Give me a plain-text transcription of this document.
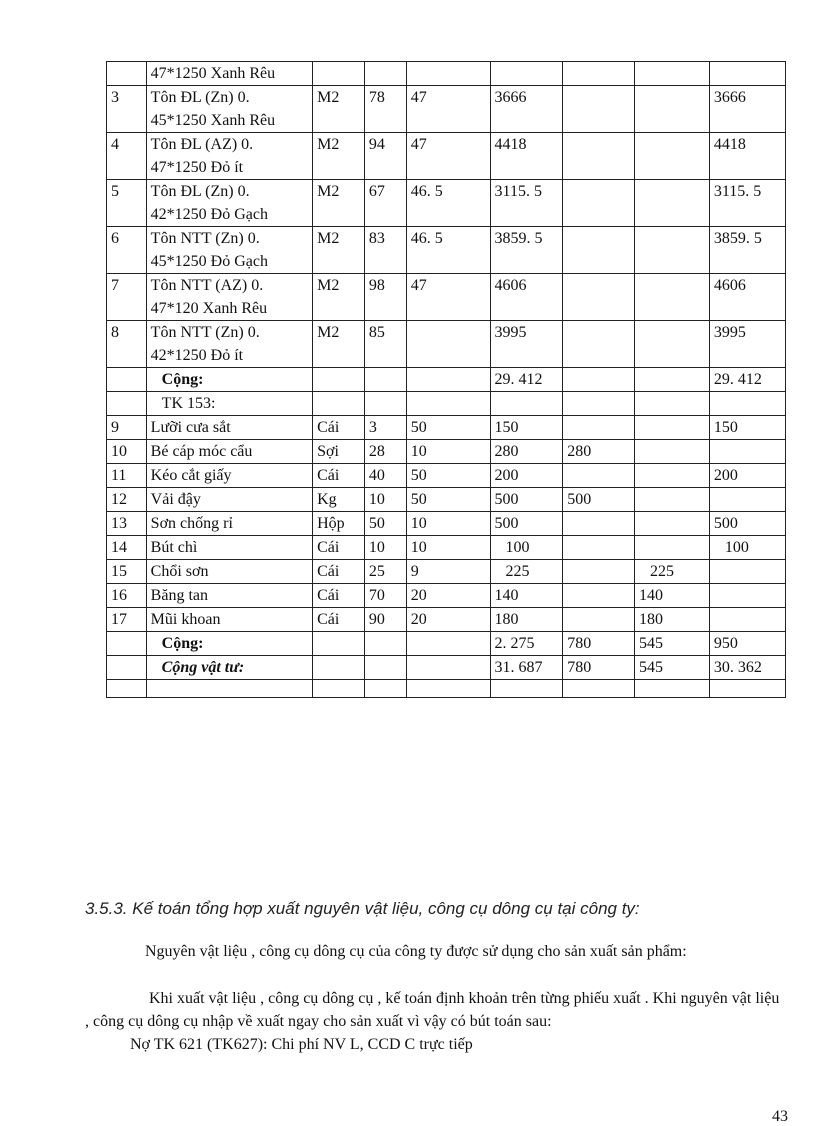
	47*1250 Xanh Rêu							
3	Tôn ĐL (Zn) 0. 45*1250 Xanh Rêu	M2	78	47	3666			3666
4	Tôn ĐL (AZ) 0. 47*1250 Đỏ ít	M2	94	47	4418			4418
5	Tôn ĐL (Zn) 0. 42*1250 Đỏ Gạch	M2	67	46. 5	3115. 5			3115. 5
6	Tôn NTT (Zn) 0. 45*1250 Đỏ Gạch	M2	83	46. 5	3859. 5			3859. 5
7	Tôn NTT (AZ) 0. 47*120 Xanh Rêu	M2	98	47	4606			4606
8	Tôn NTT (Zn) 0. 42*1250 Đỏ ít	M2	85		3995			3995
	Cộng:				29. 412			29. 412
	TK 153:							
9	Lưỡi cưa sắt	Cái	3	50	150			150
10	Bé cáp móc cẩu	Sợi	28	10	280	280		
11	Kéo cắt giấy	Cái	40	50	200			200
12	Vải đậy	Kg	10	50	500	500		
13	Sơn chống rỉ	Hộp	50	10	500			500
14	Bút chì	Cái	10	10	100			100
15	Chổi sơn	Cái	25	9	225		225	
16	Băng tan	Cái	70	20	140		140	
17	Mũi khoan	Cái	90	20	180		180	
	Cộng:				2. 275	780	545	950
	Cộng vật tư:				31. 687	780	545	30. 362

3.5.3. Kế toán tổng hợp xuất nguyên vật liệu, công cụ dông cụ tại công ty:
Nguyên vật liệu , công cụ dông cụ của công ty được sử dụng cho sản xuất sản phẩm:
Khi xuất vật liệu , công cụ dông cụ , kế toán định khoản trên từng phiếu xuất . Khi nguyên vật liệu , công cụ dông cụ nhập về xuất ngay cho sản xuất vì vậy có bút toán sau:
Nợ TK 621 (TK627): Chi phí NV L, CCD C trực tiếp
43
